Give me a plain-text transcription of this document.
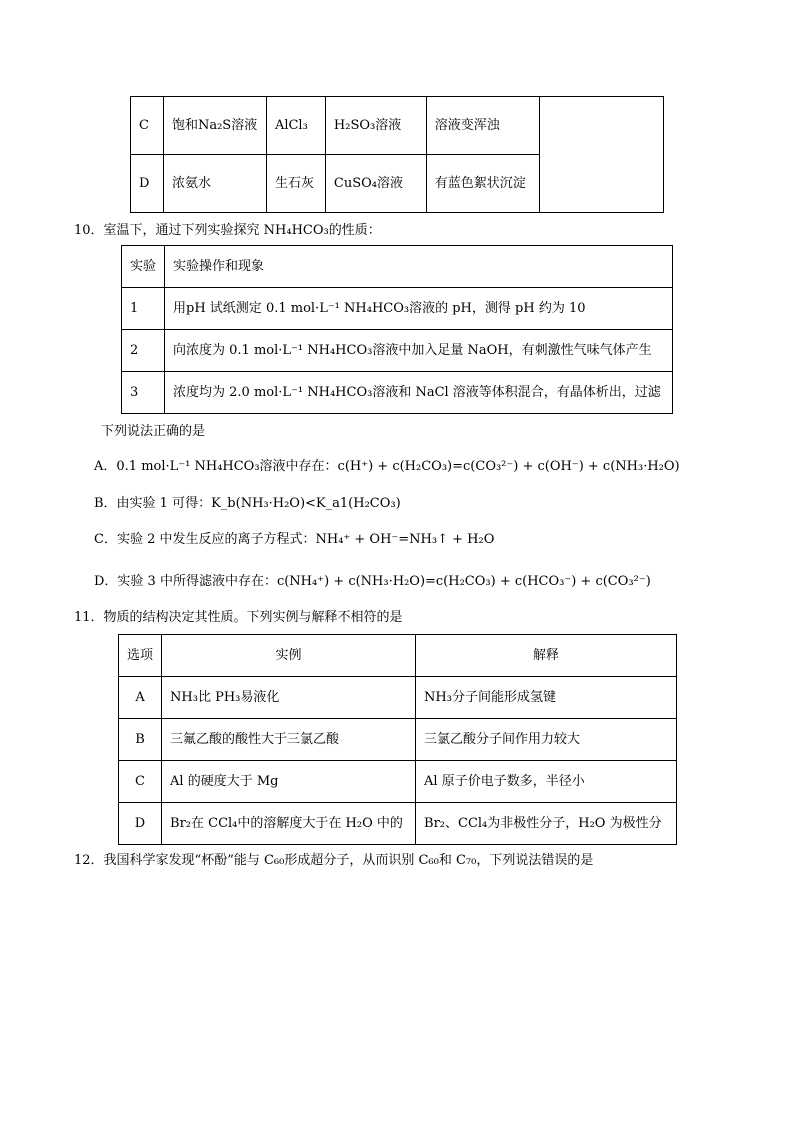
C	饱和Na₂S溶液	AlCl₃	H₂SO₃溶液	溶液变浑浊	
D	浓氨水	生石灰	CuSO₄溶液	有蓝色絮状沉淀	
10．室温下，通过下列实验探究 NH₄HCO₃的性质：
实验	实验操作和现象
1	用pH 试纸测定 0.1 mol·L⁻¹ NH₄HCO₃溶液的 pH，测得 pH 约为 10
2	向浓度为 0.1 mol·L⁻¹ NH₄HCO₃溶液中加入足量 NaOH，有刺激性气味气体产生
3	浓度均为 2.0 mol·L⁻¹ NH₄HCO₃溶液和 NaCl 溶液等体积混合，有晶体析出，过滤
下列说法正确的是
A．0.1 mol·L⁻¹ NH₄HCO₃溶液中存在：c(H⁺) + c(H₂CO₃)=c(CO₃²⁻) + c(OH⁻) + c(NH₃·H₂O)
B．由实验 1 可得：K_b(NH₃·H₂O)<K_a1(H₂CO₃)
C．实验 2 中发生反应的离子方程式：NH₄⁺ + OH⁻=NH₃↑ + H₂O
D．实验 3 中所得滤液中存在：c(NH₄⁺) + c(NH₃·H₂O)=c(H₂CO₃) + c(HCO₃⁻) + c(CO₃²⁻)
11．物质的结构决定其性质。下列实例与解释不相符的是
选项	实例	解释
A	NH₃比 PH₃易液化	NH₃分子间能形成氢键
B	三氟乙酸的酸性大于三氯乙酸	三氯乙酸分子间作用力较大
C	Al 的硬度大于 Mg	Al 原子价电子数多，半径小
D	Br₂在 CCl₄中的溶解度大于在 H₂O 中的	Br₂、CCl₄为非极性分子，H₂O 为极性分
12．我国科学家发现“杯酚”能与 C₆₀形成超分子，从而识别 C₆₀和 C₇₀，下列说法错误的是
